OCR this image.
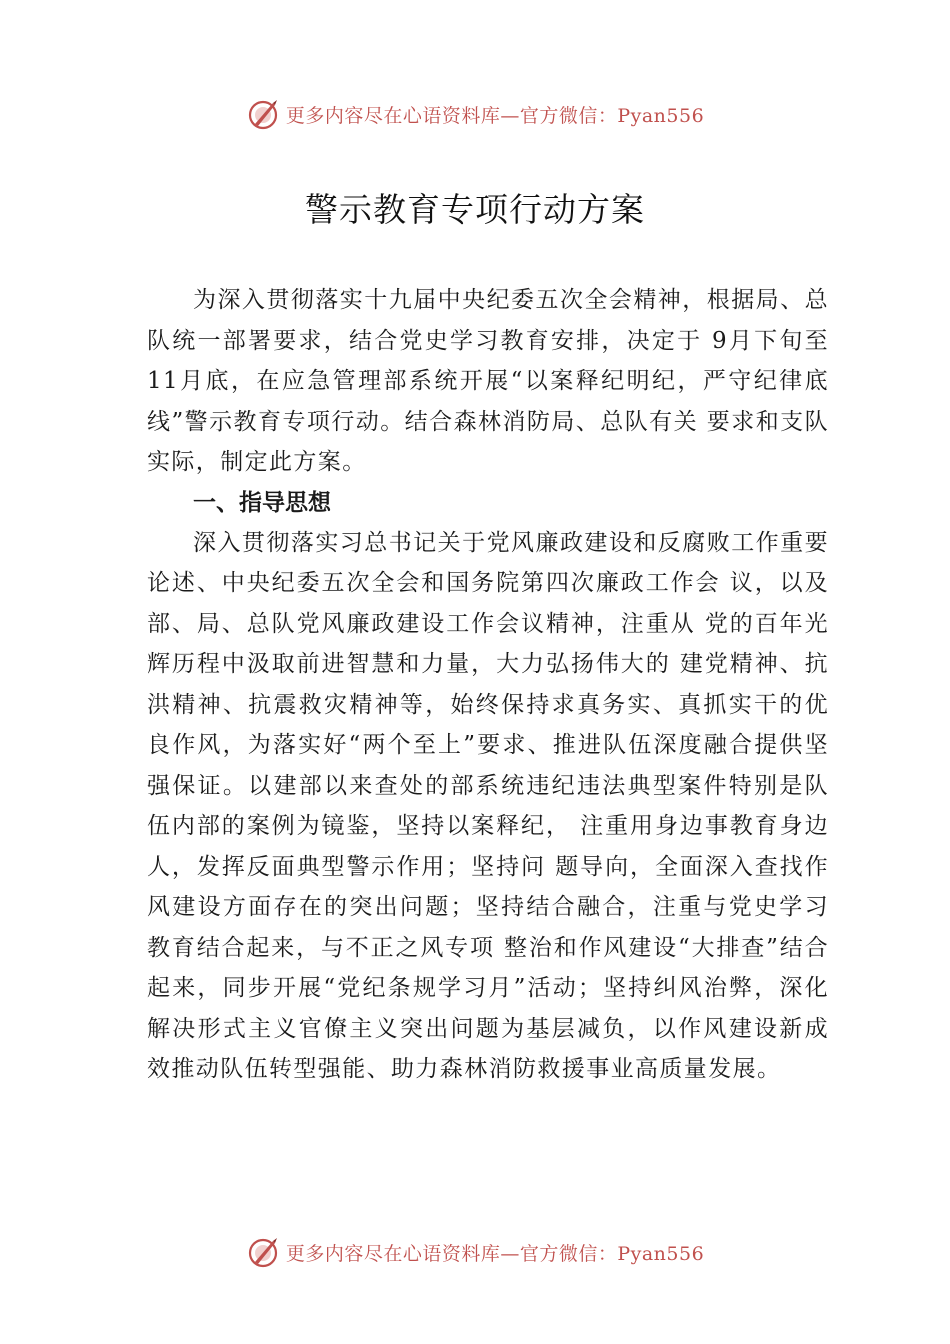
更多内容尽在心语资料库—官方微信：Pyan556
警示教育专项行动方案

为深入贯彻落实十九届中央纪委五次全会精神，根据局、总队统一部署要求，结合党史学习教育安排，决定于 9月下旬至 11月底，在应急管理部系统开展“以案释纪明纪，严守纪律底线”警示教育专项行动。结合森林消防局、总队有关 要求和支队实际，制定此方案。

一、指导思想

深入贯彻落实习总书记关于党风廉政建设和反腐败工作重要论述、中央纪委五次全会和国务院第四次廉政工作会 议，以及部、局、总队党风廉政建设工作会议精神，注重从 党的百年光辉历程中汲取前进智慧和力量，大力弘扬伟大的 建党精神、抗洪精神、抗震救灾精神等，始终保持求真务实、真抓实干的优良作风，为落实好“两个至上”要求、推进队伍深度融合提供坚强保证。以建部以来查处的部系统违纪违法典型案件特别是队伍内部的案例为镜鉴，坚持以案释纪， 注重用身边事教育身边人，发挥反面典型警示作用；坚持问 题导向，全面深入查找作风建设方面存在的突出问题；坚持结合融合，注重与党史学习教育结合起来，与不正之风专项 整治和作风建设“大排查”结合起来，同步开展“党纪条规学习月”活动；坚持纠风治弊，深化解决形式主义官僚主义突出问题为基层减负，以作风建设新成效推动队伍转型强能、助力森林消防救援事业高质量发展。

更多内容尽在心语资料库—官方微信：Pyan556
